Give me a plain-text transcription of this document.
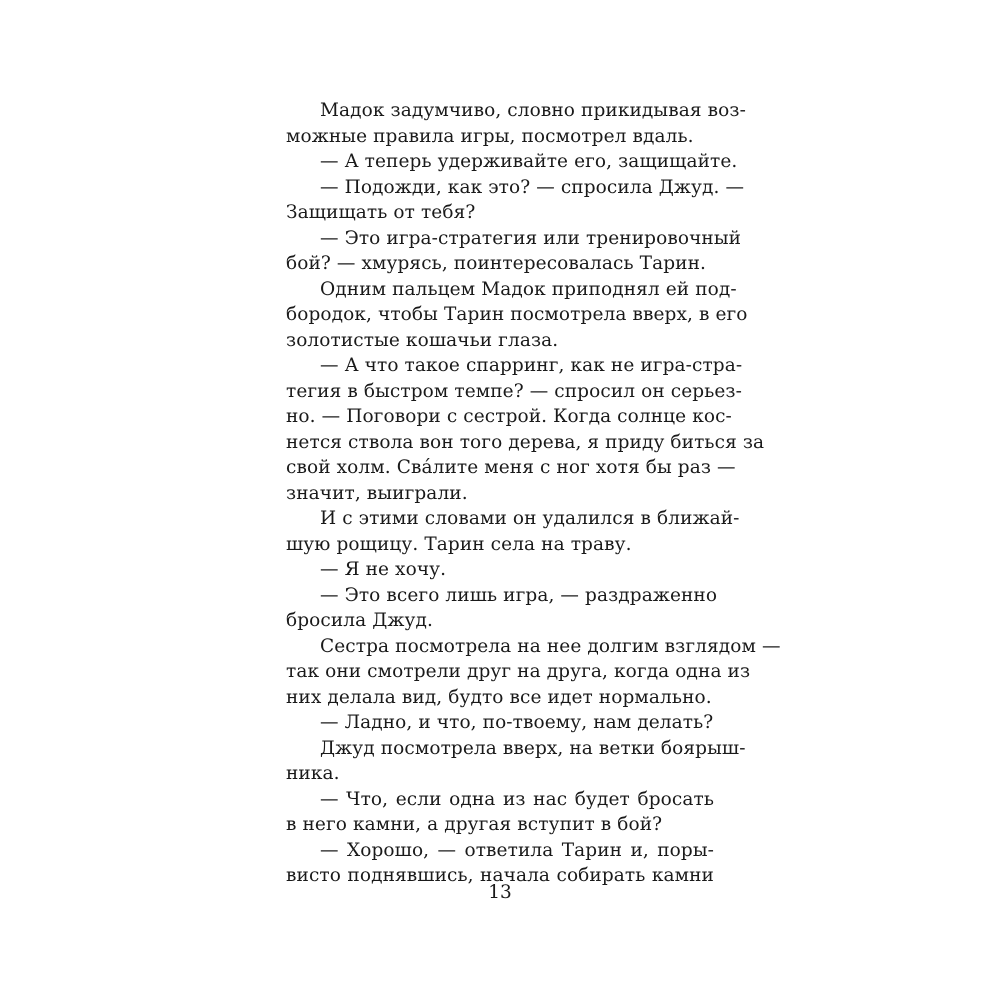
Мадок задумчиво, словно прикидывая воз-
можные правила игры, посмотрел вдаль.
— А теперь удерживайте его, защищайте.
— Подожди, как это? — спросила Джуд. —
Защищать от тебя?
— Это игра-стратегия или тренировочный
бой? — хмурясь, поинтересовалась Тарин.
Одним пальцем Мадок приподнял ей под-
бородок, чтобы Тарин посмотрела вверх, в его
золотистые кошачьи глаза.
— А что такое спарринг, как не игра-стра-
тегия в быстром темпе? — спросил он серьез-
но. — Поговори с сестрой. Когда солнце кос-
нется ствола вон того дерева, я приду биться за
свой холм. Сва́лите меня с ног хотя бы раз —
значит, выиграли.
И с этими словами он удалился в ближай-
шую рощицу. Тарин села на траву.
— Я не хочу.
— Это всего лишь игра, — раздраженно
бросила Джуд.
Сестра посмотрела на нее долгим взглядом —
так они смотрели друг на друга, когда одна из
них делала вид, будто все идет нормально.
— Ладно, и что, по-твоему, нам делать?
Джуд посмотрела вверх, на ветки боярыш-
ника.
— Что, если одна из нас будет бросать
в него камни, а другая вступит в бой?
— Хорошо, — ответила Тарин и, поры-
висто поднявшись, начала собирать камни
13
